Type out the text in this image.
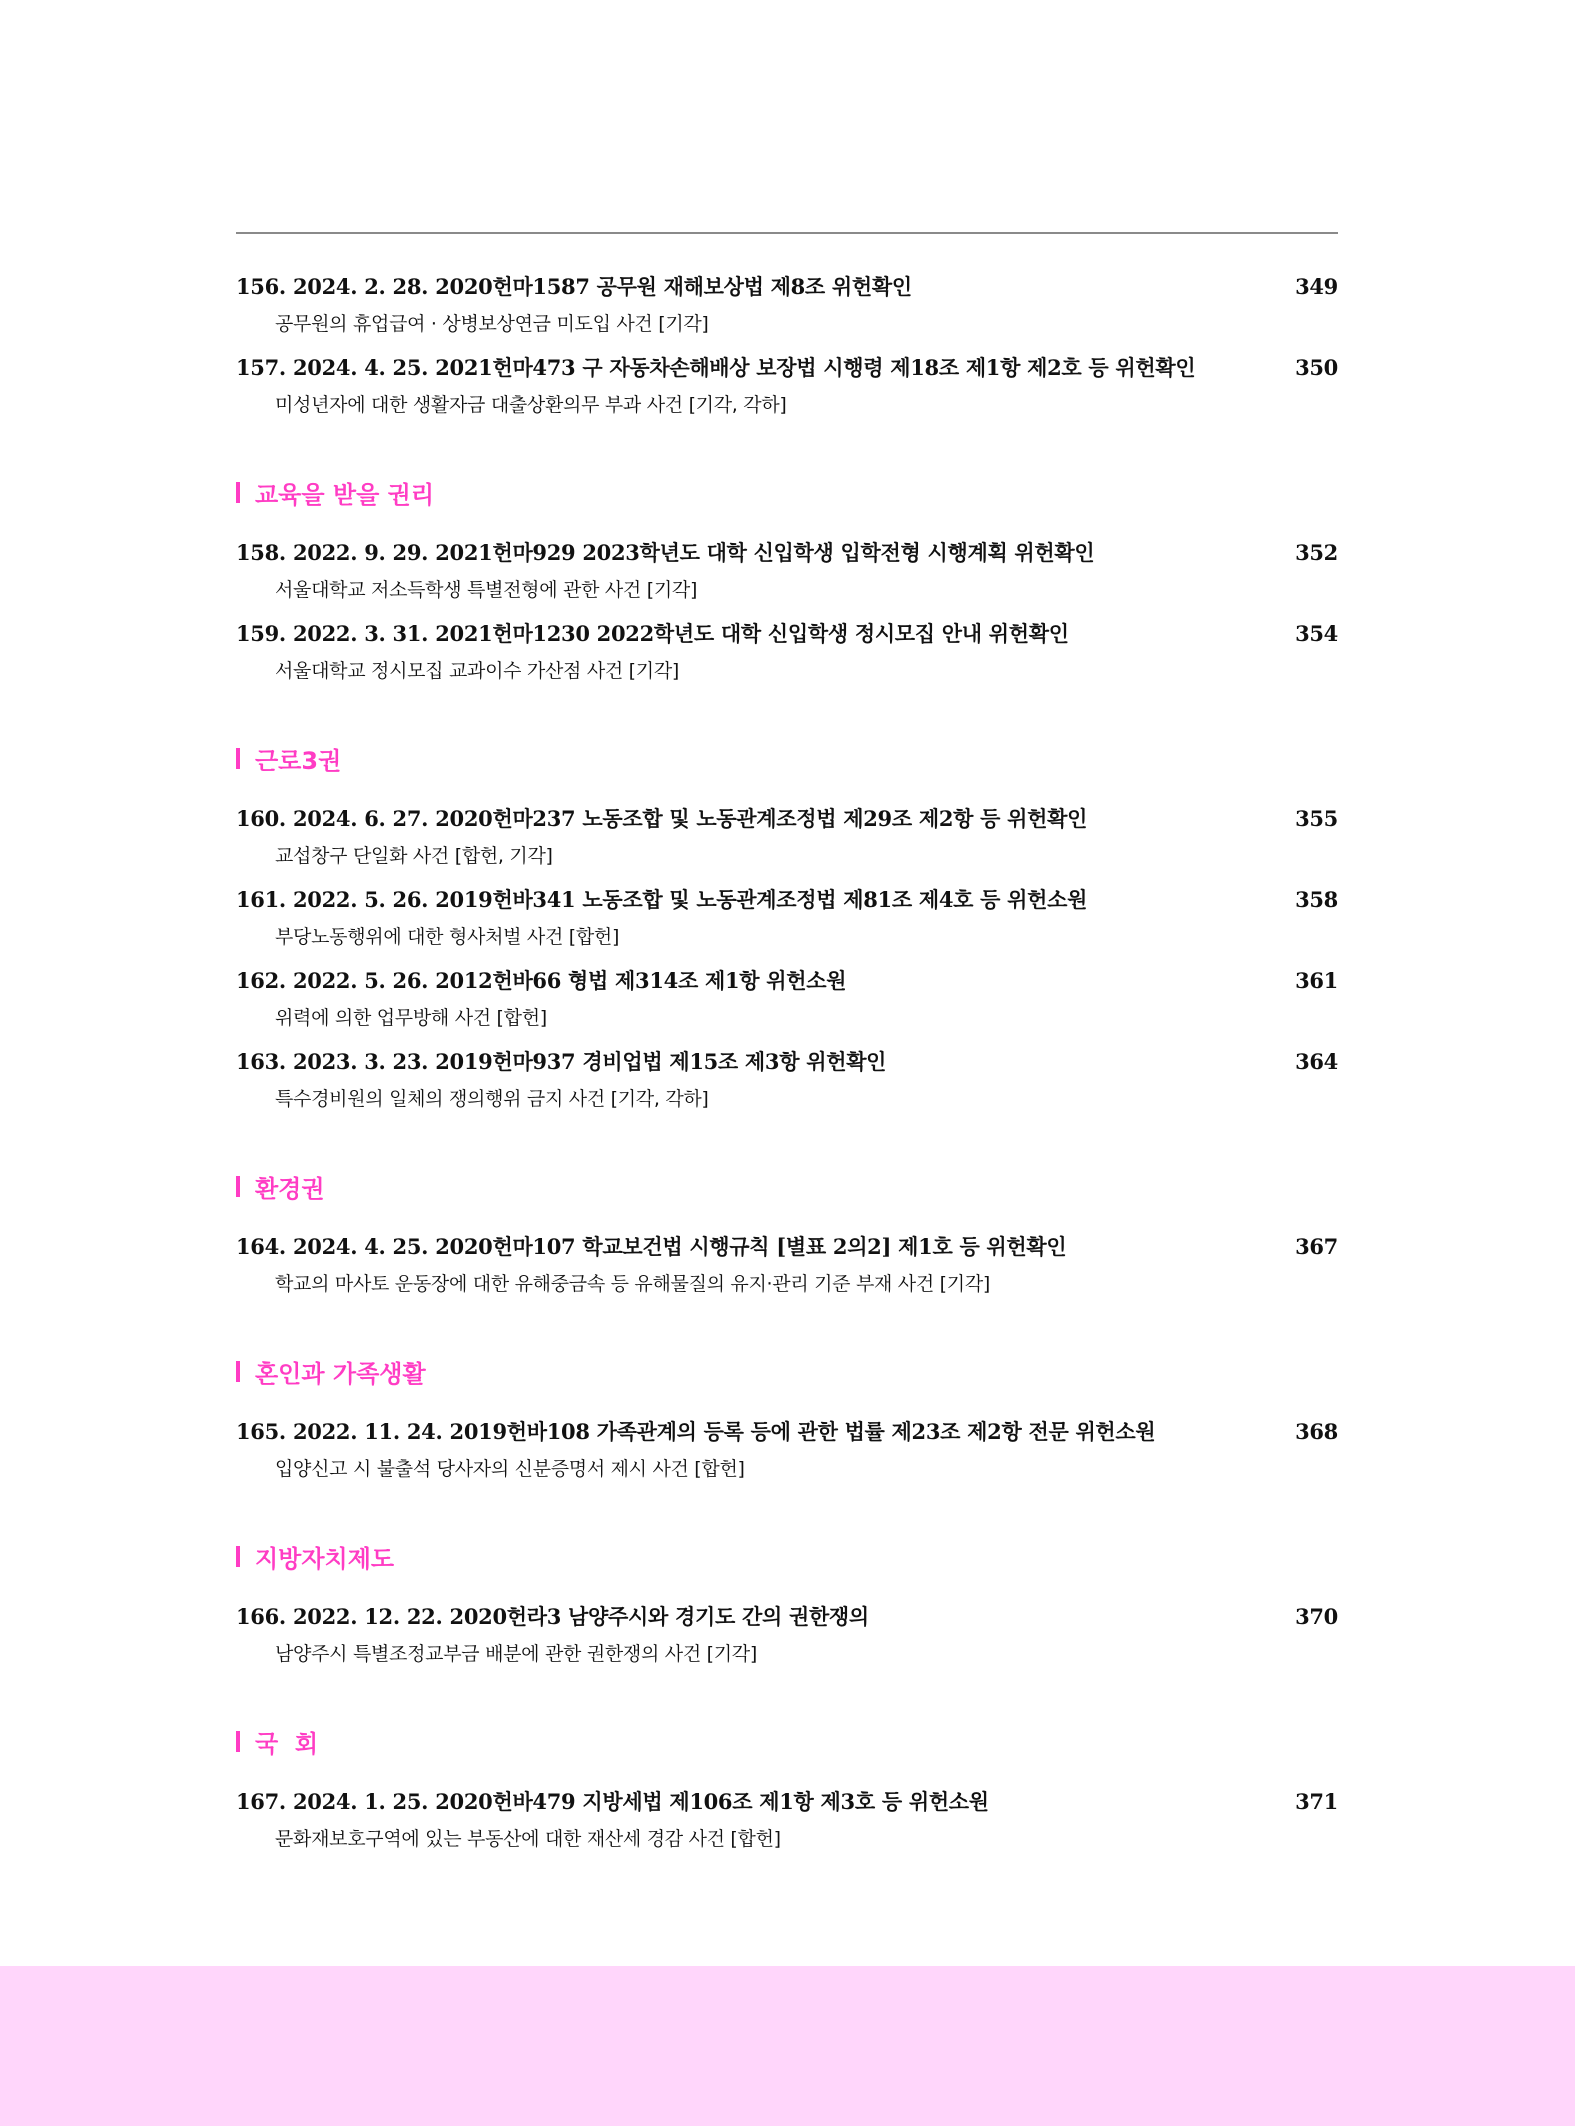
156. 2024. 2. 28. 2020헌마1587 공무원 재해보상법 제8조 위헌확인	349
공무원의 휴업급여 · 상병보상연금 미도입 사건 [기각]
157. 2024. 4. 25. 2021헌마473 구 자동차손해배상 보장법 시행령 제18조 제1항 제2호 등 위헌확인	350
미성년자에 대한 생활자금 대출상환의무 부과 사건 [기각, 각하]
교육을 받을 권리
158. 2022. 9. 29. 2021헌마929 2023학년도 대학 신입학생 입학전형 시행계획 위헌확인	352
서울대학교 저소득학생 특별전형에 관한 사건 [기각]
159. 2022. 3. 31. 2021헌마1230 2022학년도 대학 신입학생 정시모집 안내 위헌확인	354
서울대학교 정시모집 교과이수 가산점 사건 [기각]
근로3권
160. 2024. 6. 27. 2020헌마237 노동조합 및 노동관계조정법 제29조 제2항 등 위헌확인	355
교섭창구 단일화 사건 [합헌, 기각]
161. 2022. 5. 26. 2019헌바341 노동조합 및 노동관계조정법 제81조 제4호 등 위헌소원	358
부당노동행위에 대한 형사처벌 사건 [합헌]
162. 2022. 5. 26. 2012헌바66 형법 제314조 제1항 위헌소원	361
위력에 의한 업무방해 사건 [합헌]
163. 2023. 3. 23. 2019헌마937 경비업법 제15조 제3항 위헌확인	364
특수경비원의 일체의 쟁의행위 금지 사건 [기각, 각하]
환경권
164. 2024. 4. 25. 2020헌마107 학교보건법 시행규칙 [별표 2의2] 제1호 등 위헌확인	367
학교의 마사토 운동장에 대한 유해중금속 등 유해물질의 유지·관리 기준 부재 사건 [기각]
혼인과 가족생활
165. 2022. 11. 24. 2019헌바108 가족관계의 등록 등에 관한 법률 제23조 제2항 전문 위헌소원	368
입양신고 시 불출석 당사자의 신분증명서 제시 사건 [합헌]
지방자치제도
166. 2022. 12. 22. 2020헌라3 남양주시와 경기도 간의 권한쟁의	370
남양주시 특별조정교부금 배분에 관한 권한쟁의 사건 [기각]
국  회
167. 2024. 1. 25. 2020헌바479 지방세법 제106조 제1항 제3호 등 위헌소원	371
문화재보호구역에 있는 부동산에 대한 재산세 경감 사건 [합헌]
